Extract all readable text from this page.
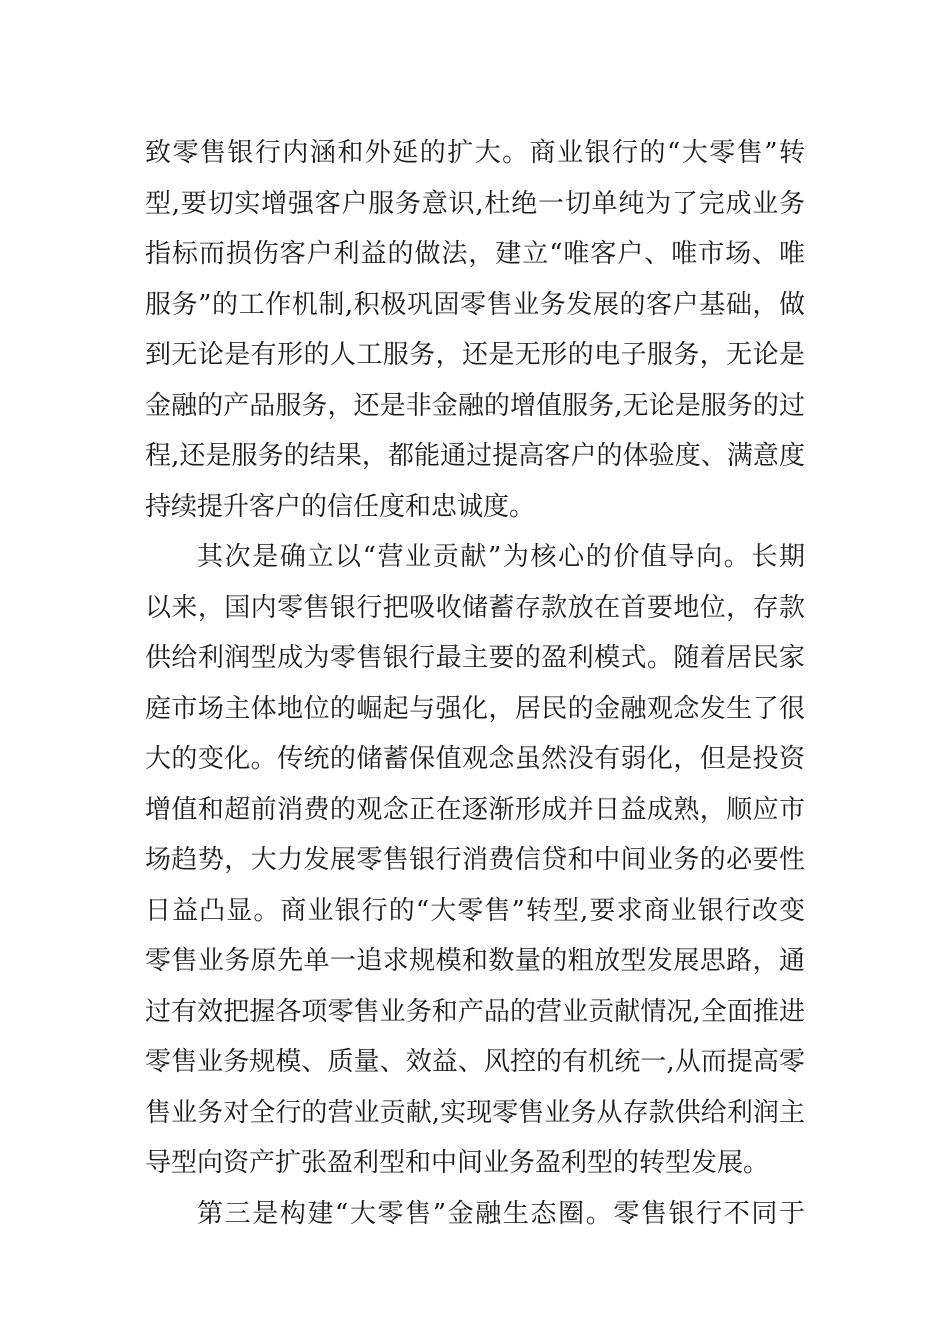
致零售银行内涵和外延的扩大。商业银行的“大零售”转
型,要切实增强客户服务意识,杜绝一切单纯为了完成业务
指标而损伤客户利益的做法，建立“唯客户、唯市场、唯
服务”的工作机制,积极巩固零售业务发展的客户基础，做
到无论是有形的人工服务，还是无形的电子服务，无论是
金融的产品服务，还是非金融的增值服务,无论是服务的过
程,还是服务的结果，都能通过提高客户的体验度、满意度
持续提升客户的信任度和忠诚度。
其次是确立以“营业贡献”为核心的价值导向。长期
以来，国内零售银行把吸收储蓄存款放在首要地位，存款
供给利润型成为零售银行最主要的盈利模式。随着居民家
庭市场主体地位的崛起与强化，居民的金融观念发生了很
大的变化。传统的储蓄保值观念虽然没有弱化，但是投资
增值和超前消费的观念正在逐渐形成并日益成熟，顺应市
场趋势，大力发展零售银行消费信贷和中间业务的必要性
日益凸显。商业银行的“大零售”转型,要求商业银行改变
零售业务原先单一追求规模和数量的粗放型发展思路，通
过有效把握各项零售业务和产品的营业贡献情况,全面推进
零售业务规模、质量、效益、风控的有机统一,从而提高零
售业务对全行的营业贡献,实现零售业务从存款供给利润主
导型向资产扩张盈利型和中间业务盈利型的转型发展。
第三是构建“大零售”金融生态圈。零售银行不同于
